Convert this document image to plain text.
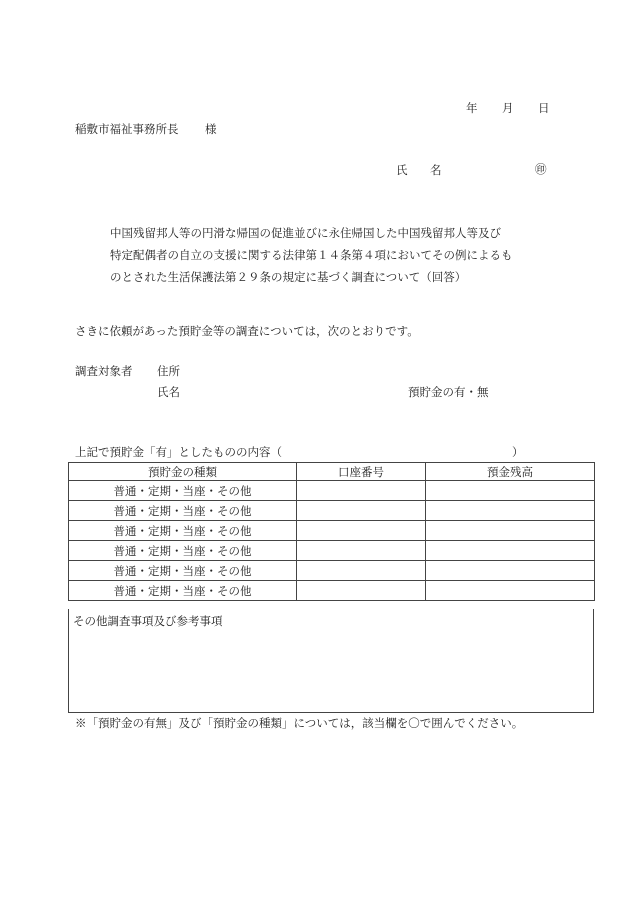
年 月 日
稲敷市福祉事務所長 様
氏 名	㊞
中国残留邦人等の円滑な帰国の促進並びに永住帰国した中国残留邦人等及び
特定配偶者の自立の支援に関する法律第１４条第４項においてその例によるも
のとされた生活保護法第２９条の規定に基づく調査について（回答）
さきに依頼があった預貯金等の調査については，次のとおりです。
調査対象者 住所
氏名	預貯金の有・無
上記で預貯金「有」としたものの内容（	）
預貯金の種類	口座番号	預金残高
普通・定期・当座・その他		
普通・定期・当座・その他		
普通・定期・当座・その他		
普通・定期・当座・その他		
普通・定期・当座・その他		
普通・定期・当座・その他		
その他調査事項及び参考事項
※「預貯金の有無」及び「預貯金の種類」については，該当欄を〇で囲んでください。
